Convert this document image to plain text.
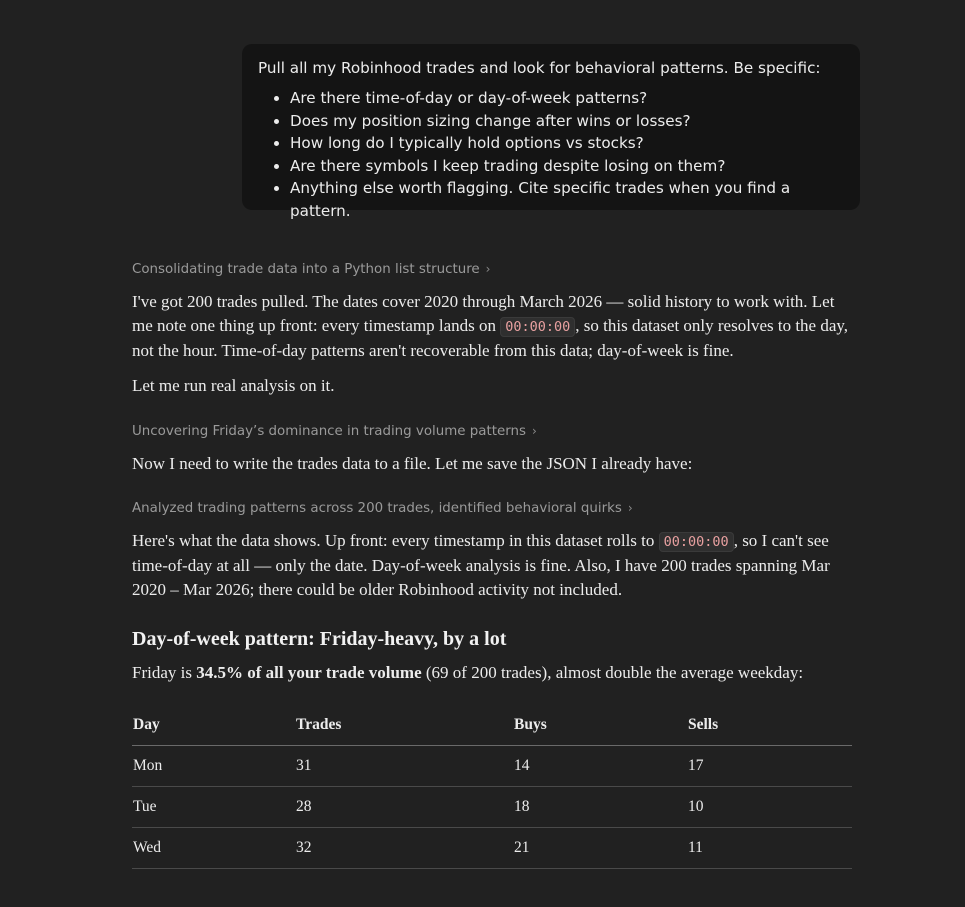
Pull all my Robinhood trades and look for behavioral patterns. Be specific:

• Are there time-of-day or day-of-week patterns?
• Does my position sizing change after wins or losses?
• How long do I typically hold options vs stocks?
• Are there symbols I keep trading despite losing on them?
• Anything else worth flagging. Cite specific trades when you find a pattern.
Consolidating trade data into a Python list structure ›

I've got 200 trades pulled. The dates cover 2020 through March 2026 — solid history to work with. Let me note one thing up front: every timestamp lands on 00:00:00 , so this dataset only resolves to the day, not the hour. Time-of-day patterns aren't recoverable from this data; day-of-week is fine.

Let me run real analysis on it.

Uncovering Friday’s dominance in trading volume patterns ›

Now I need to write the trades data to a file. Let me save the JSON I already have:

Analyzed trading patterns across 200 trades, identified behavioral quirks ›

Here's what the data shows. Up front: every timestamp in this dataset rolls to 00:00:00 , so I can't see time-of-day at all — only the date. Day-of-week analysis is fine. Also, I have 200 trades spanning Mar 2020 – Mar 2026; there could be older Robinhood activity not included.

Day-of-week pattern: Friday-heavy, by a lot

Friday is 34.5% of all your trade volume (69 of 200 trades), almost double the average weekday:

Day	Trades	Buys	Sells
Mon	31	14	17
Tue	28	18	10
Wed	32	21	11
